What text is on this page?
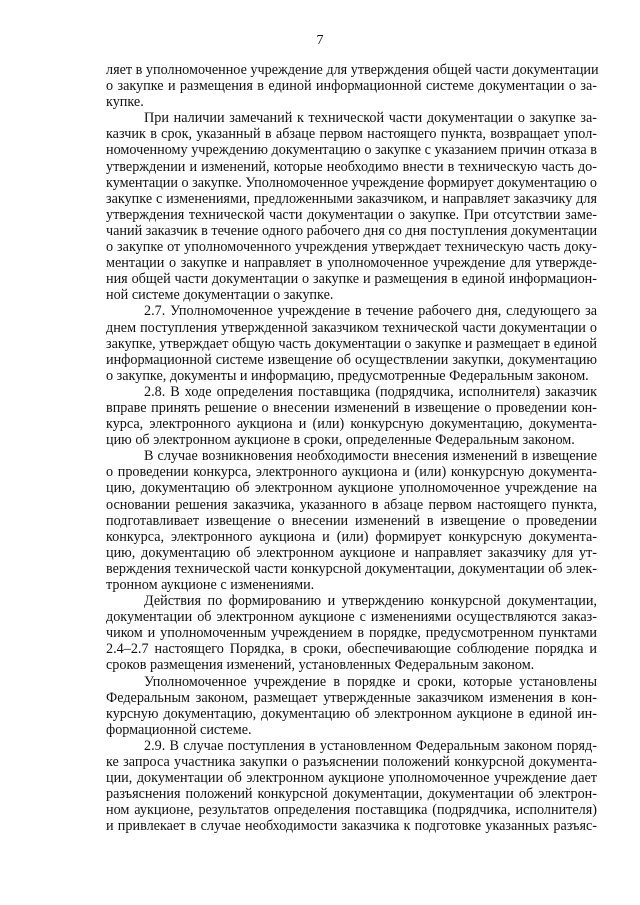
7
ляет в уполномоченное учреждение для утверждения общей части документации
о закупке и размещения в единой информационной системе документации о за-
купке.
При наличии замечаний к технической части документации о закупке за-
казчик в срок, указанный в абзаце первом настоящего пункта, возвращает упол-
номоченному учреждению документацию о закупке с указанием причин отказа в
утверждении и изменений, которые необходимо внести в техническую часть до-
кументации о закупке. Уполномоченное учреждение формирует документацию о
закупке с изменениями, предложенными заказчиком, и направляет заказчику для
утверждения технической части документации о закупке. При отсутствии заме-
чаний заказчик в течение одного рабочего дня со дня поступления документации
о закупке от уполномоченного учреждения утверждает техническую часть доку-
ментации о закупке и направляет в уполномоченное учреждение для утвержде-
ния общей части документации о закупке и размещения в единой информацион-
ной системе документации о закупке.
2.7. Уполномоченное учреждение в течение рабочего дня, следующего за
днем поступления утвержденной заказчиком технической части документации о
закупке, утверждает общую часть документации о закупке и размещает в единой
информационной системе извещение об осуществлении закупки, документацию
о закупке, документы и информацию, предусмотренные Федеральным законом.
2.8. В ходе определения поставщика (подрядчика, исполнителя) заказчик
вправе принять решение о внесении изменений в извещение о проведении кон-
курса, электронного аукциона и (или) конкурсную документацию, документа-
цию об электронном аукционе в сроки, определенные Федеральным законом.
В случае возникновения необходимости внесения изменений в извещение
о проведении конкурса, электронного аукциона и (или) конкурсную документа-
цию, документацию об электронном аукционе уполномоченное учреждение на
основании решения заказчика, указанного в абзаце первом настоящего пункта,
подготавливает извещение о внесении изменений в извещение о проведении
конкурса, электронного аукциона и (или) формирует конкурсную документа-
цию, документацию об электронном аукционе и направляет заказчику для ут-
верждения технической части конкурсной документации, документации об элек-
тронном аукционе с изменениями.
Действия по формированию и утверждению конкурсной документации,
документации об электронном аукционе с изменениями осуществляются заказ-
чиком и уполномоченным учреждением в порядке, предусмотренном пунктами
2.4–2.7 настоящего Порядка, в сроки, обеспечивающие соблюдение порядка и
сроков размещения изменений, установленных Федеральным законом.
Уполномоченное учреждение в порядке и сроки, которые установлены
Федеральным законом, размещает утвержденные заказчиком изменения в кон-
курсную документацию, документацию об электронном аукционе в единой ин-
формационной системе.
2.9. В случае поступления в установленном Федеральным законом поряд-
ке запроса участника закупки о разъяснении положений конкурсной документа-
ции, документации об электронном аукционе уполномоченное учреждение дает
разъяснения положений конкурсной документации, документации об электрон-
ном аукционе, результатов определения поставщика (подрядчика, исполнителя)
и привлекает в случае необходимости заказчика к подготовке указанных разъяс-
